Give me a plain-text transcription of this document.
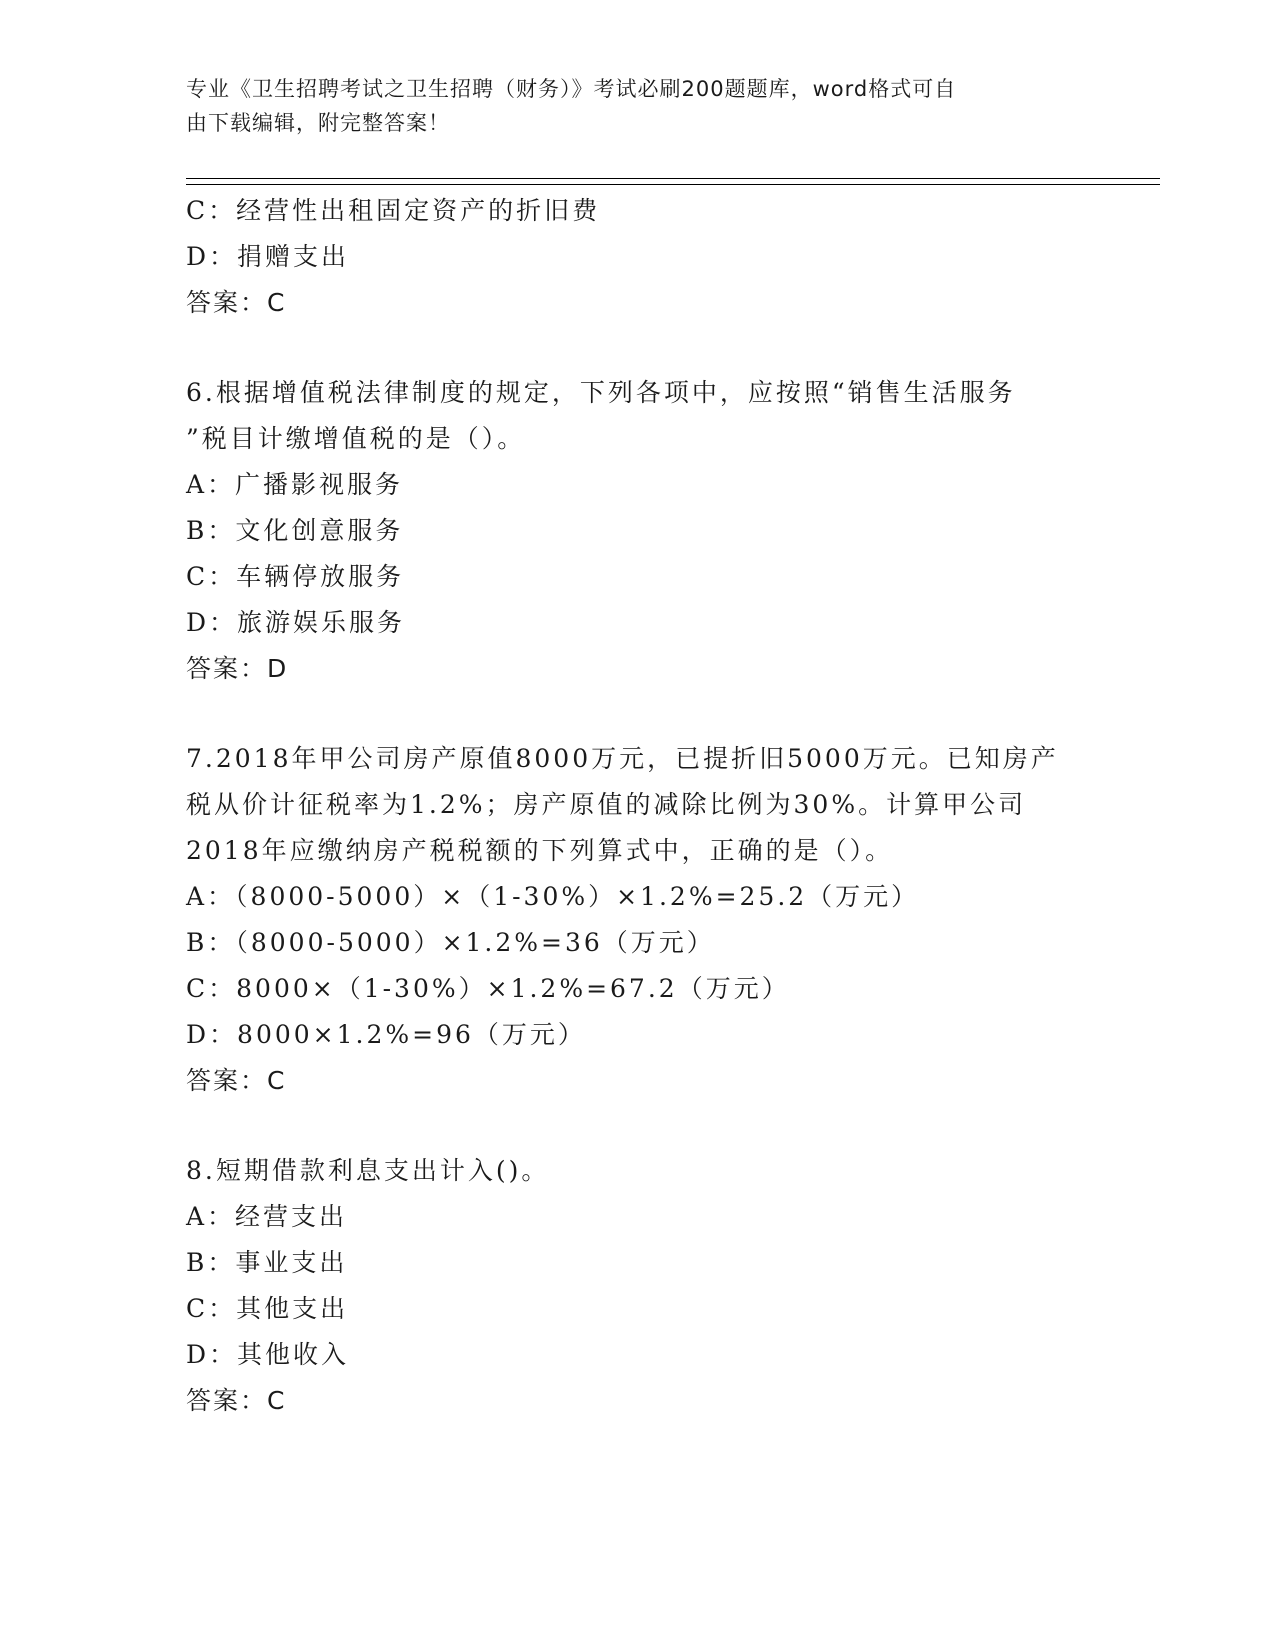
专业《卫生招聘考试之卫生招聘（财务）》考试必刷200题题库，word格式可自
由下载编辑，附完整答案！
C：经营性出租固定资产的折旧费
D：捐赠支出
答案：C
6.根据增值税法律制度的规定，下列各项中，应按照“销售生活服务
”税目计缴增值税的是（）。
A：广播影视服务
B：文化创意服务
C：车辆停放服务
D：旅游娱乐服务
答案：D
7.2018年甲公司房产原值8000万元，已提折旧5000万元。已知房产
税从价计征税率为1.2%；房产原值的减除比例为30%。计算甲公司
2018年应缴纳房产税税额的下列算式中，正确的是（）。
A：（8000-5000）×（1-30%）×1.2%=25.2（万元）
B：（8000-5000）×1.2%=36（万元）
C：8000×（1-30%）×1.2%=67.2（万元）
D：8000×1.2%=96（万元）
答案：C
8.短期借款利息支出计入()。
A：经营支出
B：事业支出
C：其他支出
D：其他收入
答案：C
